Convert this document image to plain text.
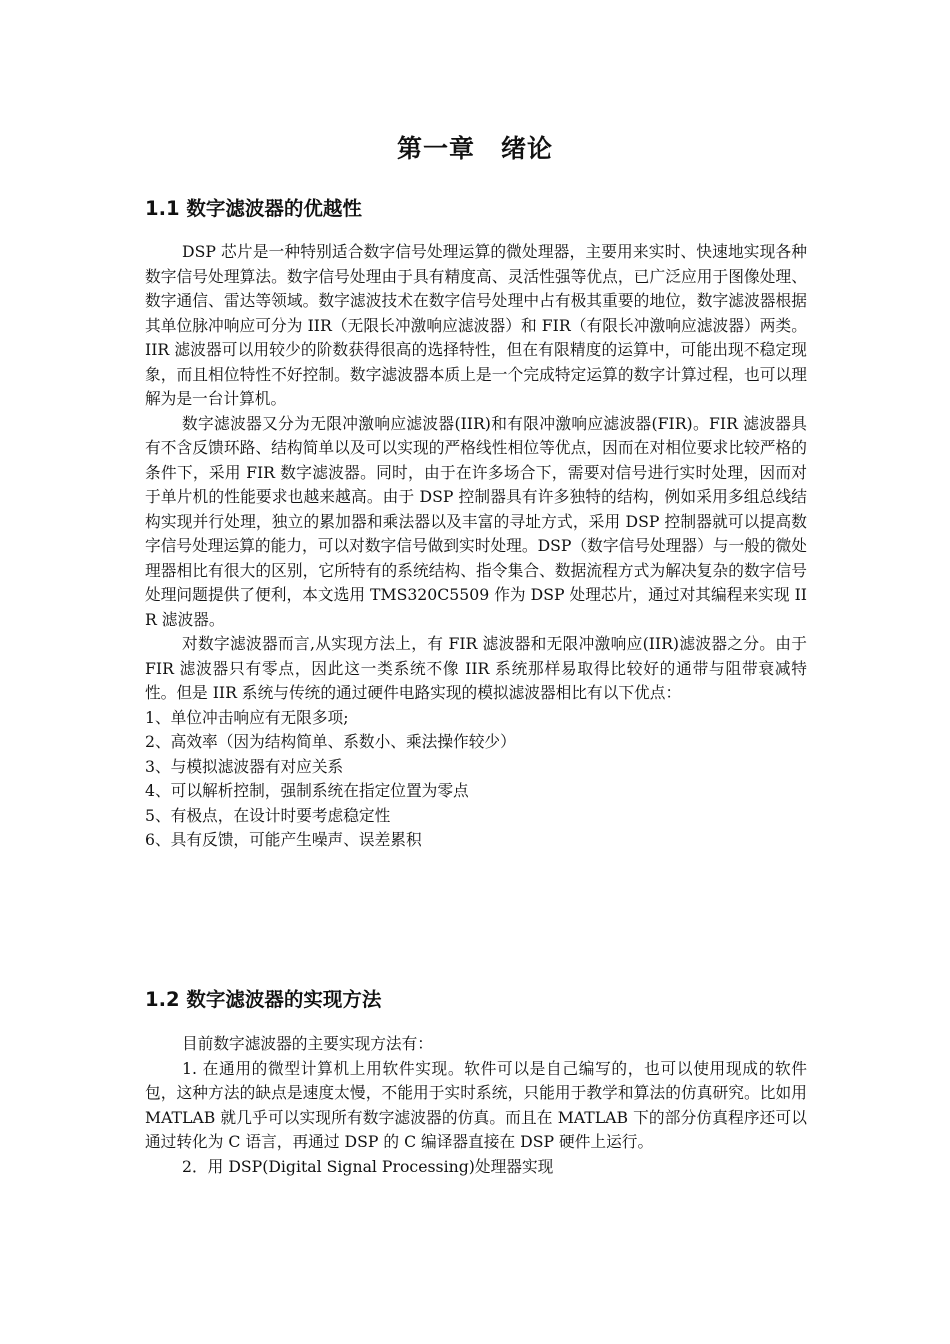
第一章　绪论
1.1 数字滤波器的优越性

DSP 芯片是一种特别适合数字信号处理运算的微处理器，主要用来实时、快速地实现各种数字信号处理算法。数字信号处理由于具有精度高、灵活性强等优点，已广泛应用于图像处理、数字通信、雷达等领域。数字滤波技术在数字信号处理中占有极其重要的地位，数字滤波器根据其单位脉冲响应可分为 IIR（无限长冲激响应滤波器）和 FIR（有限长冲激响应滤波器）两类。IIR 滤波器可以用较少的阶数获得很高的选择特性，但在有限精度的运算中，可能出现不稳定现象，而且相位特性不好控制。数字滤波器本质上是一个完成特定运算的数字计算过程，也可以理解为是一台计算机。

数字滤波器又分为无限冲激响应滤波器(IIR)和有限冲激响应滤波器(FIR)。FIR 滤波器具有不含反馈环路、结构简单以及可以实现的严格线性相位等优点，因而在对相位要求比较严格的条件下，采用 FIR 数字滤波器。同时，由于在许多场合下，需要对信号进行实时处理，因而对于单片机的性能要求也越来越高。由于 DSP 控制器具有许多独特的结构，例如采用多组总线结构实现并行处理，独立的累加器和乘法器以及丰富的寻址方式，采用 DSP 控制器就可以提高数字信号处理运算的能力，可以对数字信号做到实时处理。DSP（数字信号处理器）与一般的微处理器相比有很大的区别，它所特有的系统结构、指令集合、数据流程方式为解决复杂的数字信号处理问题提供了便利，本文选用 TMS320C5509 作为 DSP 处理芯片，通过对其编程来实现 IIR 滤波器。

对数字滤波器而言,从实现方法上，有 FIR 滤波器和无限冲激响应(IIR)滤波器之分。由于 FIR 滤波器只有零点，因此这一类系统不像 IIR 系统那样易取得比较好的通带与阻带衰减特性。但是 IIR 系统与传统的通过硬件电路实现的模拟滤波器相比有以下优点：

1、单位冲击响应有无限多项;

2、高效率（因为结构简单、系数小、乘法操作较少）

3、与模拟滤波器有对应关系

4、可以解析控制，强制系统在指定位置为零点

5、有极点，在设计时要考虑稳定性

6、具有反馈，可能产生噪声、误差累积

1.2 数字滤波器的实现方法

目前数字滤波器的主要实现方法有：

1. 在通用的微型计算机上用软件实现。软件可以是自己编写的，也可以使用现成的软件包，这种方法的缺点是速度太慢，不能用于实时系统，只能用于教学和算法的仿真研究。比如用 MATLAB 就几乎可以实现所有数字滤波器的仿真。而且在 MATLAB 下的部分仿真程序还可以通过转化为 C 语言，再通过 DSP 的 C 编译器直接在 DSP 硬件上运行。

2．用 DSP(Digital Signal Processing)处理器实现
